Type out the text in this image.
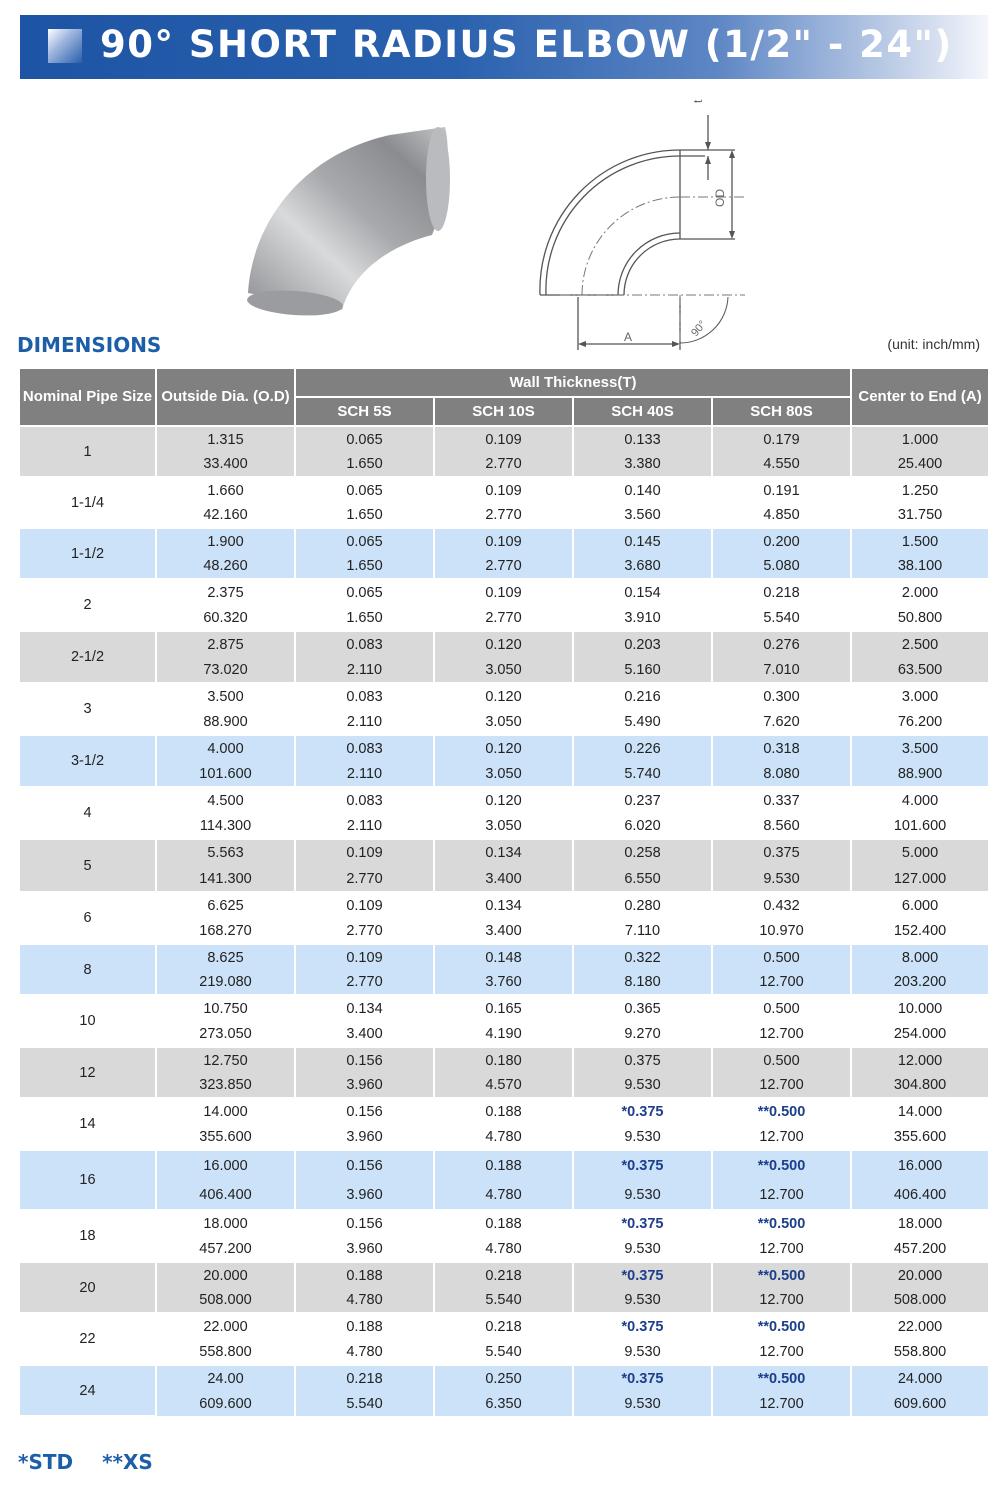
90° SHORT RADIUS ELBOW (1/2" - 24")
t
OD
A	90°
DIMENSIONS	(unit: inch/mm)
Nominal Pipe Size	Outside Dia. (O.D)	Wall Thickness(T)				Center to End (A)
		SCH 5S	SCH 10S	SCH 40S	SCH 80S	
1	1.315	0.065	0.109	0.133	0.179	1.000
	33.400	1.650	2.770	3.380	4.550	25.400
1-1/4	1.660	0.065	0.109	0.140	0.191	1.250
	42.160	1.650	2.770	3.560	4.850	31.750
1-1/2	1.900	0.065	0.109	0.145	0.200	1.500
	48.260	1.650	2.770	3.680	5.080	38.100
2	2.375	0.065	0.109	0.154	0.218	2.000
	60.320	1.650	2.770	3.910	5.540	50.800
2-1/2	2.875	0.083	0.120	0.203	0.276	2.500
	73.020	2.110	3.050	5.160	7.010	63.500
3	3.500	0.083	0.120	0.216	0.300	3.000
	88.900	2.110	3.050	5.490	7.620	76.200
3-1/2	4.000	0.083	0.120	0.226	0.318	3.500
	101.600	2.110	3.050	5.740	8.080	88.900
4	4.500	0.083	0.120	0.237	0.337	4.000
	114.300	2.110	3.050	6.020	8.560	101.600
5	5.563	0.109	0.134	0.258	0.375	5.000
	141.300	2.770	3.400	6.550	9.530	127.000
6	6.625	0.109	0.134	0.280	0.432	6.000
	168.270	2.770	3.400	7.110	10.970	152.400
8	8.625	0.109	0.148	0.322	0.500	8.000
	219.080	2.770	3.760	8.180	12.700	203.200
10	10.750	0.134	0.165	0.365	0.500	10.000
	273.050	3.400	4.190	9.270	12.700	254.000
12	12.750	0.156	0.180	0.375	0.500	12.000
	323.850	3.960	4.570	9.530	12.700	304.800
14	14.000	0.156	0.188	*0.375	**0.500	14.000
	355.600	3.960	4.780	9.530	12.700	355.600
16	16.000	0.156	0.188	*0.375	**0.500	16.000
	406.400	3.960	4.780	9.530	12.700	406.400
18	18.000	0.156	0.188	*0.375	**0.500	18.000
	457.200	3.960	4.780	9.530	12.700	457.200
20	20.000	0.188	0.218	*0.375	**0.500	20.000
	508.000	4.780	5.540	9.530	12.700	508.000
22	22.000	0.188	0.218	*0.375	**0.500	22.000
	558.800	4.780	5.540	9.530	12.700	558.800
24	24.00	0.218	0.250	*0.375	**0.500	24.000
	609.600	5.540	6.350	9.530	12.700	609.600
*STD **XS
